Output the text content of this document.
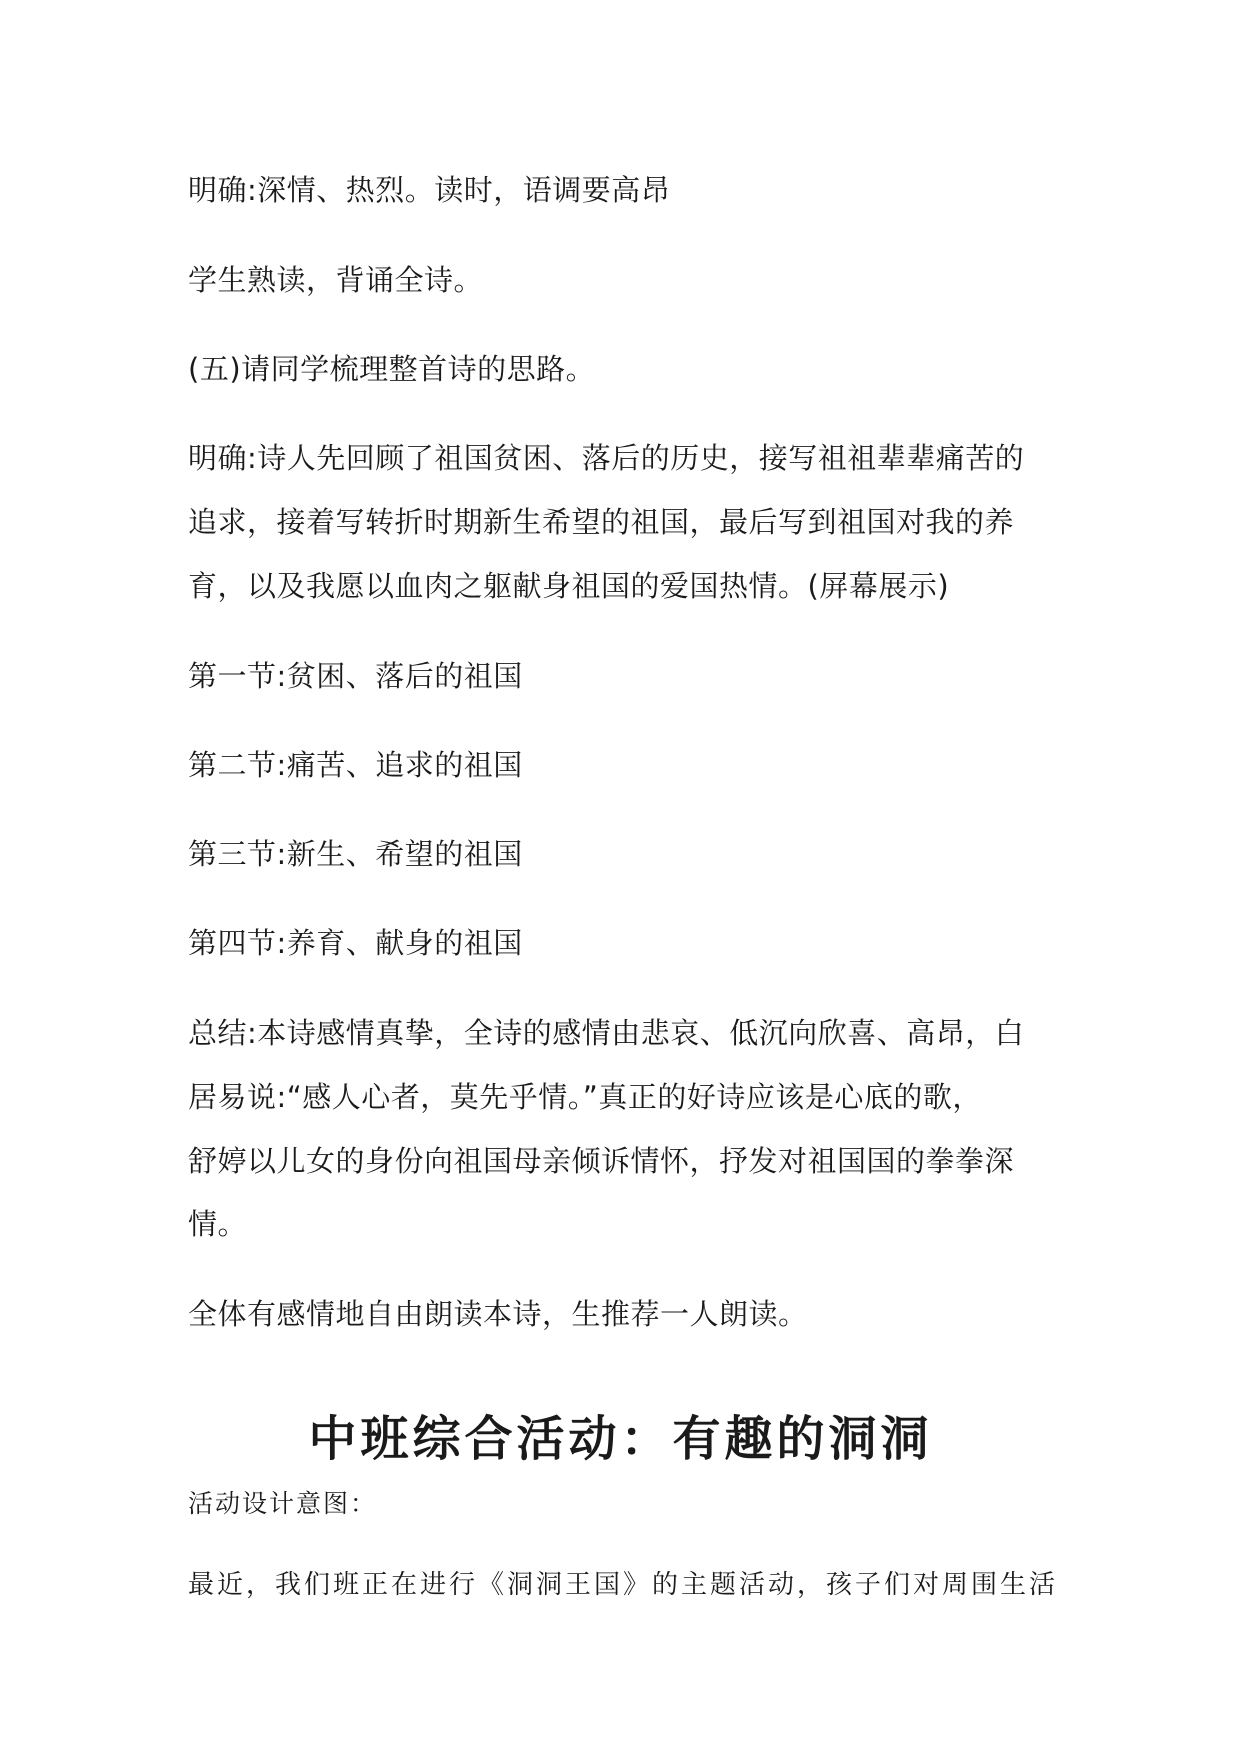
明确:深情、热烈。读时，语调要高昂

学生熟读，背诵全诗。

(五)请同学梳理整首诗的思路。

明确:诗人先回顾了祖国贫困、落后的历史，接写祖祖辈辈痛苦的

追求，接着写转折时期新生希望的祖国，最后写到祖国对我的养

育，以及我愿以血肉之躯献身祖国的爱国热情。(屏幕展示)

第一节:贫困、落后的祖国

第二节:痛苦、追求的祖国

第三节:新生、希望的祖国

第四节:养育、献身的祖国

总结:本诗感情真挚，全诗的感情由悲哀、低沉向欣喜、高昂，白

居易说:“感人心者，莫先乎情。”真正的好诗应该是心底的歌，

舒婷以儿女的身份向祖国母亲倾诉情怀，抒发对祖国国的拳拳深

情。

全体有感情地自由朗读本诗，生推荐一人朗读。

中班综合活动：有趣的洞洞

活动设计意图：

最近，我们班正在进行《洞洞王国》的主题活动，孩子们对周围生活
